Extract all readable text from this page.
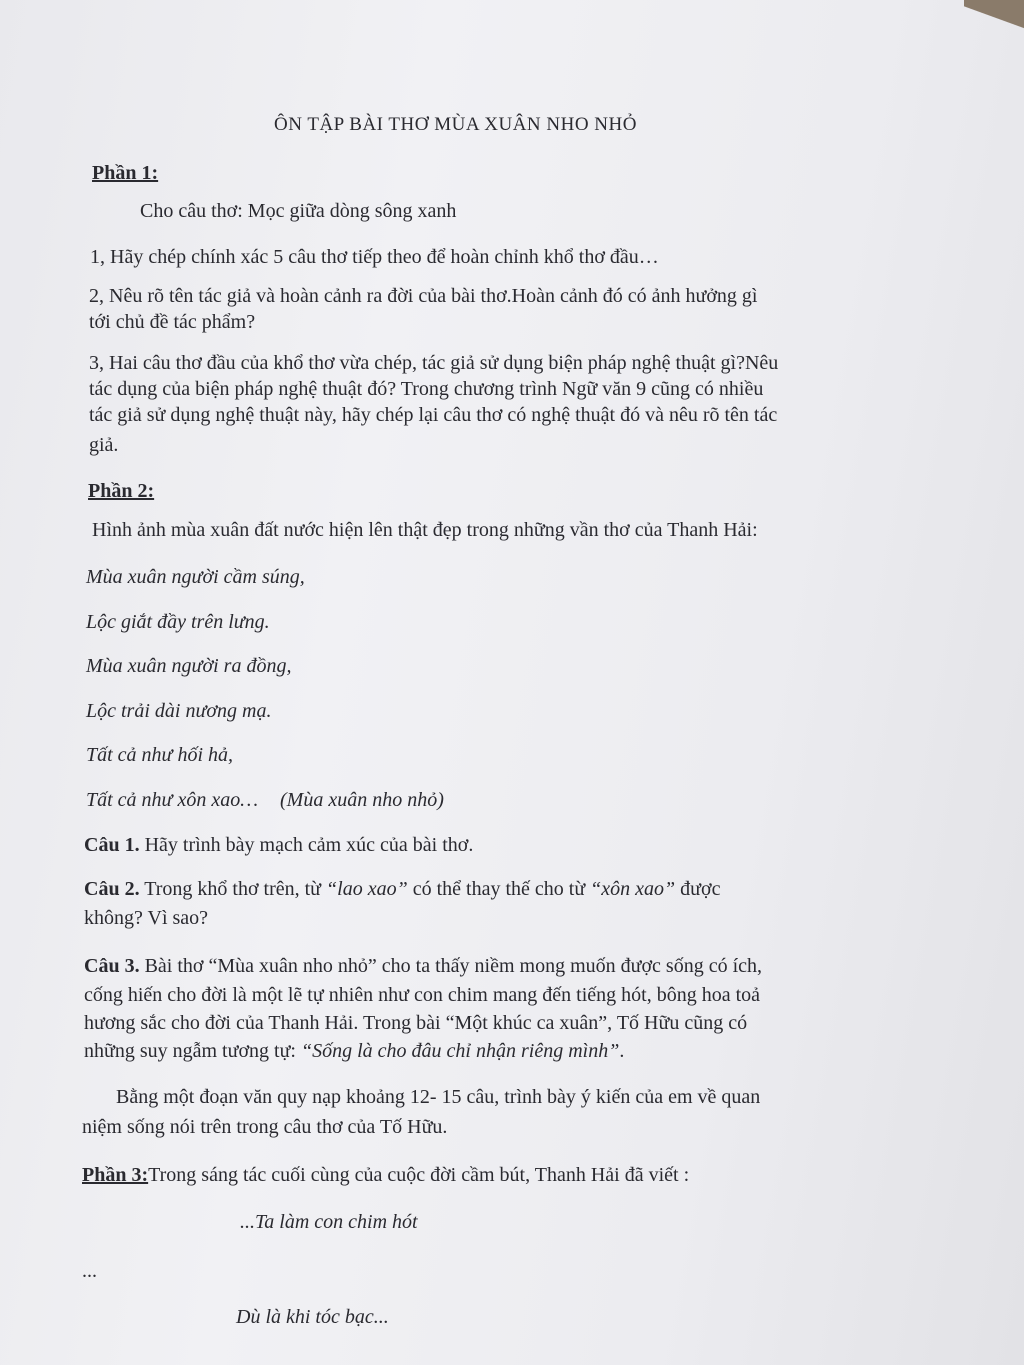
ÔN TẬP BÀI THƠ MÙA XUÂN NHO NHỎ
Phần 1:
Cho câu thơ: Mọc giữa dòng sông xanh
1, Hãy chép chính xác 5 câu thơ tiếp theo để hoàn chỉnh khổ thơ đầu…
2, Nêu rõ tên tác giả và hoàn cảnh ra đời của bài thơ.Hoàn cảnh đó có ảnh hưởng gì
tới chủ đề tác phẩm?
3, Hai câu thơ đầu của khổ thơ vừa chép, tác giả sử dụng biện pháp nghệ thuật gì?Nêu
tác dụng của biện pháp nghệ thuật đó? Trong chương trình Ngữ văn 9 cũng có nhiều
tác giả sử dụng nghệ thuật này, hãy chép lại câu thơ có nghệ thuật đó và nêu rõ tên tác
giả.
Phần 2:
Hình ảnh mùa xuân đất nước hiện lên thật đẹp trong những vần thơ của Thanh Hải:
Mùa xuân người cầm súng,
Lộc giắt đầy trên lưng.
Mùa xuân người ra đồng,
Lộc trải dài nương mạ.
Tất cả như hối hả,
Tất cả như xôn xao… (Mùa xuân nho nhỏ)
Câu 1. Hãy trình bày mạch cảm xúc của bài thơ.
Câu 2. Trong khổ thơ trên, từ “lao xao” có thể thay thế cho từ “xôn xao” được
không? Vì sao?
Câu 3. Bài thơ “Mùa xuân nho nhỏ” cho ta thấy niềm mong muốn được sống có ích,
cống hiến cho đời là một lẽ tự nhiên như con chim mang đến tiếng hót, bông hoa toả
hương sắc cho đời của Thanh Hải. Trong bài “Một khúc ca xuân”, Tố Hữu cũng có
những suy ngẫm tương tự: “Sống là cho đâu chỉ nhận riêng mình”.
Bằng một đoạn văn quy nạp khoảng 12- 15 câu, trình bày ý kiến của em về quan
niệm sống nói trên trong câu thơ của Tố Hữu.
Phần 3:Trong sáng tác cuối cùng của cuộc đời cầm bút, Thanh Hải đã viết :
...Ta làm con chim hót
...
Dù là khi tóc bạc...
